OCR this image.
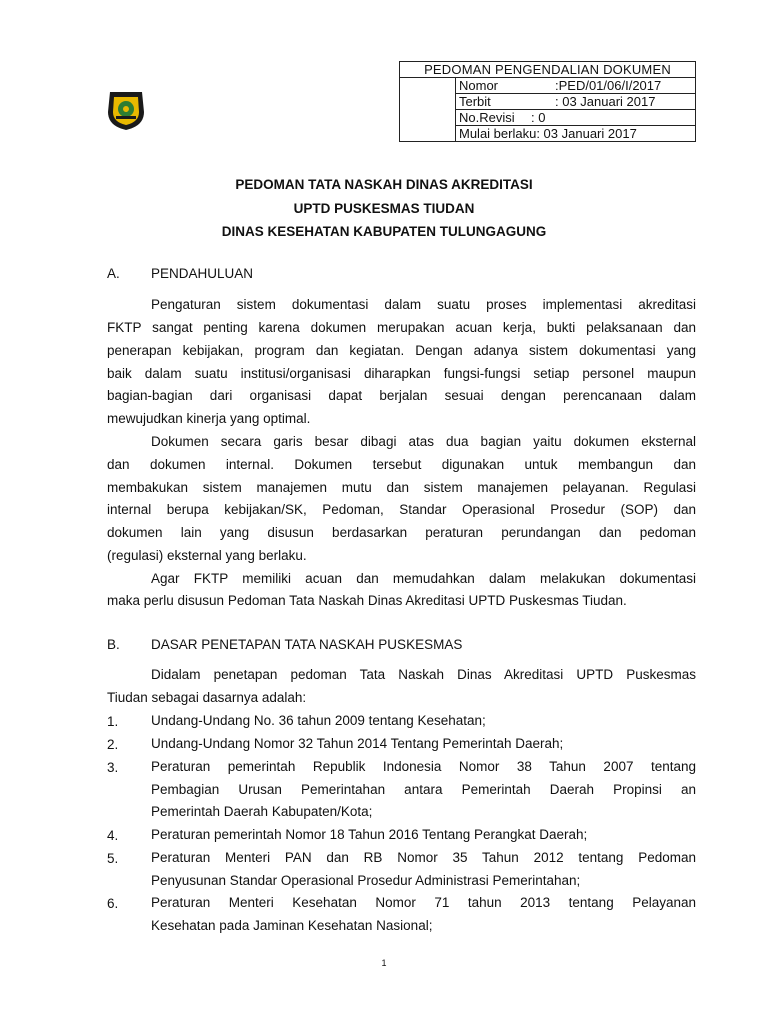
PEDOMAN PENGENDALIAN DOKUMEN
	Nomor	:PED/01/06/I/2017
Terbit	: 03 Januari 2017
No.Revisi : 0
Mulai berlaku: 03 Januari 2017
PEDOMAN TATA NASKAH DINAS AKREDITASI
UPTD PUSKESMAS TIUDAN
DINAS KESEHATAN KABUPATEN TULUNGAGUNG
A. PENDAHULUAN
Pengaturan sistem dokumentasi dalam suatu proses implementasi akreditasi
FKTP sangat penting karena dokumen merupakan acuan kerja, bukti pelaksanaan dan
penerapan kebijakan, program dan kegiatan. Dengan adanya sistem dokumentasi yang
baik dalam suatu institusi/organisasi diharapkan fungsi-fungsi setiap personel maupun
bagian-bagian dari organisasi dapat berjalan sesuai dengan perencanaan dalam
mewujudkan kinerja yang optimal.
Dokumen secara garis besar dibagi atas dua bagian yaitu dokumen eksternal
dan dokumen internal. Dokumen tersebut digunakan untuk membangun dan
membakukan sistem manajemen mutu dan sistem manajemen pelayanan. Regulasi
internal berupa kebijakan/SK, Pedoman, Standar Operasional Prosedur (SOP) dan
dokumen lain yang disusun berdasarkan peraturan perundangan dan pedoman
(regulasi) eksternal yang berlaku.
Agar FKTP memiliki acuan dan memudahkan dalam melakukan dokumentasi
maka perlu disusun Pedoman Tata Naskah Dinas Akreditasi UPTD Puskesmas Tiudan.
B. DASAR PENETAPAN TATA NASKAH PUSKESMAS
Didalam penetapan pedoman Tata Naskah Dinas Akreditasi UPTD Puskesmas
Tiudan sebagai dasarnya adalah:
1. Undang-Undang No. 36 tahun 2009 tentang Kesehatan;
2. Undang-Undang Nomor 32 Tahun 2014 Tentang Pemerintah Daerah;
3. Peraturan pemerintah Republik Indonesia Nomor 38 Tahun 2007 tentang
Pembagian Urusan Pemerintahan antara Pemerintah Daerah Propinsi an
Pemerintah Daerah Kabupaten/Kota;
4. Peraturan pemerintah Nomor 18 Tahun 2016 Tentang Perangkat Daerah;
5. Peraturan Menteri PAN dan RB Nomor 35 Tahun 2012 tentang Pedoman
Penyusunan Standar Operasional Prosedur Administrasi Pemerintahan;
6. Peraturan Menteri Kesehatan Nomor 71 tahun 2013 tentang Pelayanan
Kesehatan pada Jaminan Kesehatan Nasional;
1
